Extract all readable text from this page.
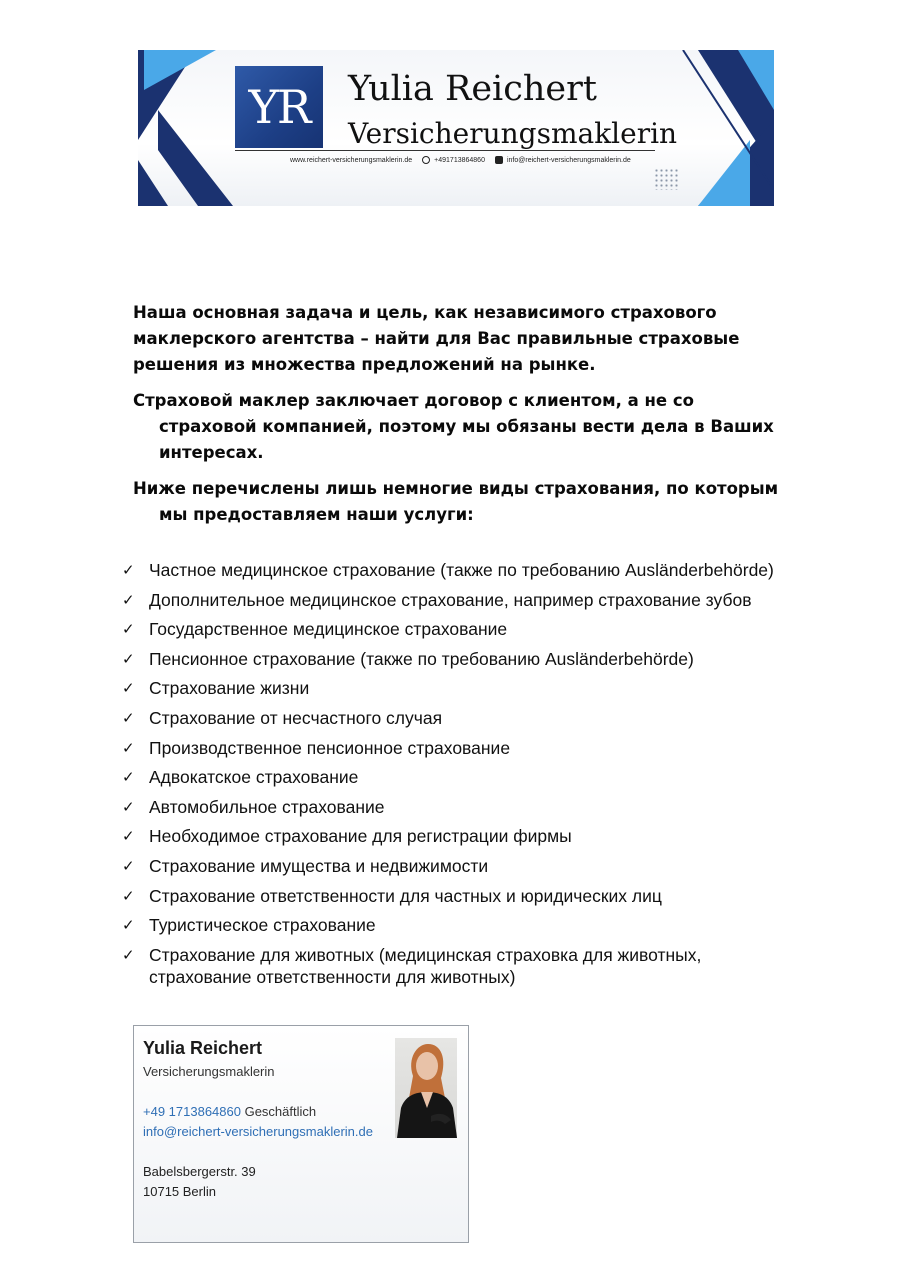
YR Yulia Reichert
Versicherungsmaklerin
www.reichert-versicherungsmaklerin.de	+491713864860	info@reichert-versicherungsmaklerin.de

Наша основная задача и цель, как независимого страхового маклерского агентства – найти для Вас правильные страховые решения из множества предложений на рынке.

Страховой маклер заключает договор с клиентом, а не со страховой компанией, поэтому мы обязаны вести дела в Ваших интересах.

Ниже перечислены лишь немногие виды страхования, по которым мы предоставляем наши услуги:

✓ Частное медицинское страхование (также по требованию Ausländerbehörde)
✓ Дополнительное медицинское страхование, например страхование зубов
✓ Государственное медицинское страхование
✓ Пенсионное страхование (также по требованию Ausländerbehörde)
✓ Страхование жизни
✓ Страхование от несчастного случая
✓ Производственное пенсионное страхование
✓ Адвокатское страхование
✓ Автомобильное страхование
✓ Необходимое страхование для регистрации фирмы
✓ Страхование имущества и недвижимости
✓ Страхование ответственности для частных и юридических лиц
✓ Туристическое страхование
✓ Страхование для животных (медицинская страховка для животных, страхование ответственности для животных)
Yulia Reichert
Versicherungsmaklerin
+49 1713864860 Geschäftlich
info@reichert-versicherungsmaklerin.de
Babelsbergerstr. 39
10715 Berlin
